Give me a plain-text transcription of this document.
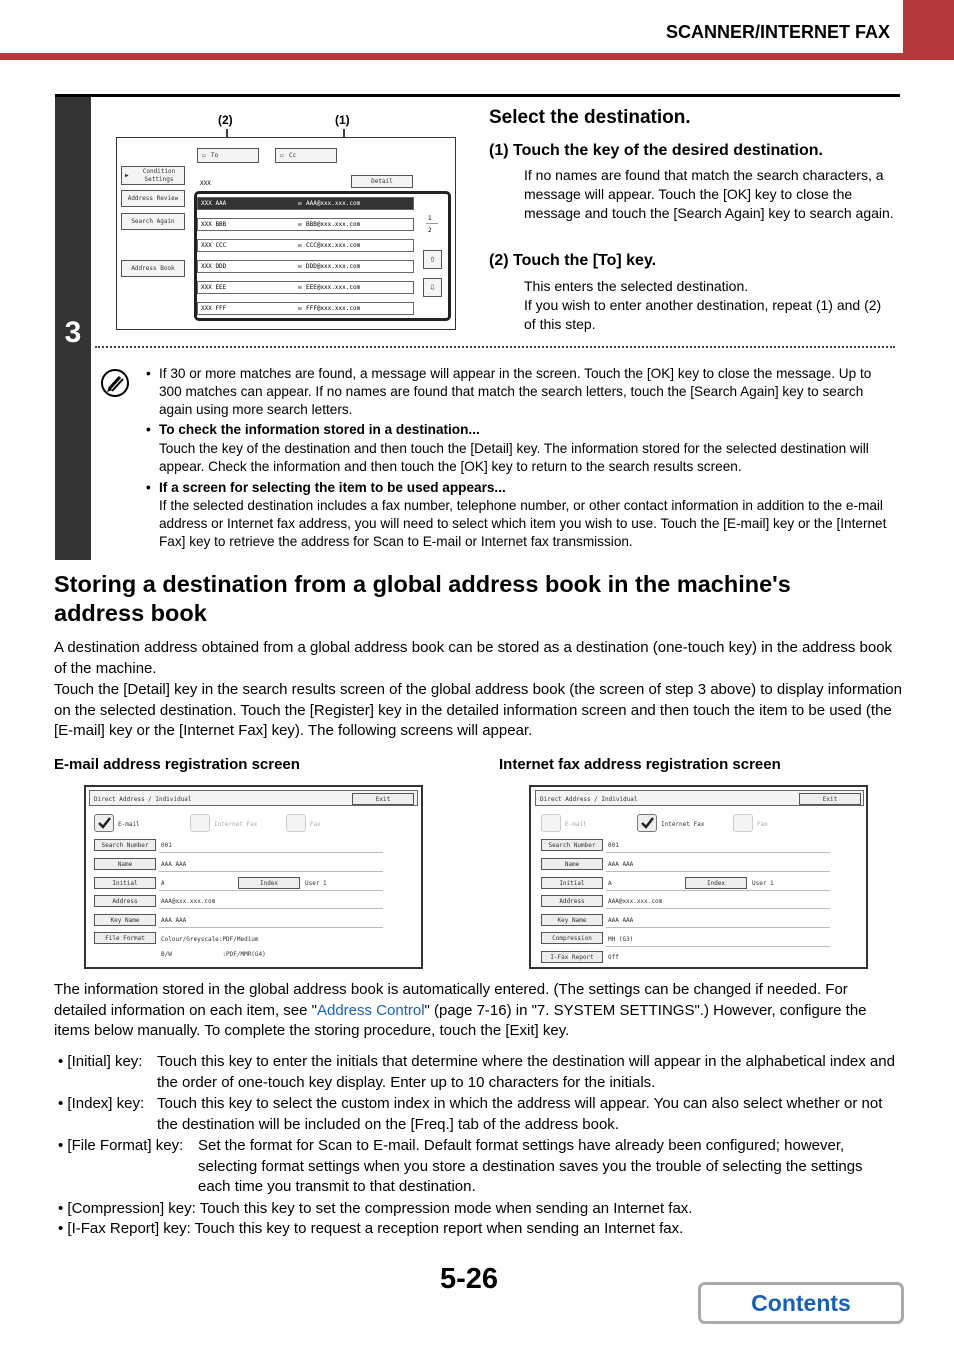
SCANNER/INTERNET FAX
3
(2)	(1)
▭ To	▭ Cc
▶
Condition Settings
Address Review
Search Again
Address Book
XXX	Detail
XXX AAA	✉ AAA@xxx.xxx.com
XXX BBB	✉ BBB@xxx.xxx.com
XXX CCC	✉ CCC@xxx.xxx.com
XXX DDD	✉ DDD@xxx.xxx.com
XXX EEE	✉ EEE@xxx.xxx.com
XXX FFF	✉ FFF@xxx.xxx.com
1
2
⇧
⇩
Select the destination.
(1) Touch the key of the desired destination.
If no names are found that match the search characters, a message will appear. Touch the [OK] key to close the message and touch the [Search Again] key to search again.
(2) Touch the [To] key.
This enters the selected destination.
If you wish to enter another destination, repeat (1) and (2) of this step.
• If 30 or more matches are found, a message will appear in the screen. Touch the [OK] key to close the message. Up to 300 matches can appear. If no names are found that match the search letters, touch the [Search Again] key to search again using more search letters.
• To check the information stored in a destination...
Touch the key of the destination and then touch the [Detail] key. The information stored for the selected destination will appear. Check the information and then touch the [OK] key to return to the search results screen.
• If a screen for selecting the item to be used appears...
If the selected destination includes a fax number, telephone number, or other contact information in addition to the e-mail address or Internet fax address, you will need to select which item you wish to use. Touch the [E-mail] key or the [Internet Fax] key to retrieve the address for Scan to E-mail or Internet fax transmission.
Storing a destination from a global address book in the machine's
address book
A destination address obtained from a global address book can be stored as a destination (one-touch key) in the address book of the machine.
Touch the [Detail] key in the search results screen of the global address book (the screen of step 3 above) to display information on the selected destination. Touch the [Register] key in the detailed information screen and then touch the item to be used (the [E-mail] key or the [Internet Fax] key). The following screens will appear.
E-mail address registration screen	Internet fax address registration screen
Direct Address / Individual	Exit
E-mail	Internet Fax	Fax
Search Number	001
Name	AAA AAA
Initial	A	Index	User 1
Address	AAA@xxx.xxx.com
Key Name	AAA AAA
File Format	Colour/Greyscale:PDF/Medium
B/W              :PDF/MMR(G4)
Direct Address / Individual	Exit
E-mail	Internet Fax	Fax
Search Number	001
Name	AAA AAA
Initial	A	Index	User 1
Address	AAA@xxx.xxx.com
Key Name	AAA AAA
Compression	MH (G3)
I-Fax Report	Off
The information stored in the global address book is automatically entered. (The settings can be changed if needed. For detailed information on each item, see "Address Control" (page 7-16) in "7. SYSTEM SETTINGS".) However, configure the items below manually. To complete the storing procedure, touch the [Exit] key.
• [Initial] key: Touch this key to enter the initials that determine where the destination will appear in the alphabetical index and the order of one-touch key display. Enter up to 10 characters for the initials.
• [Index] key: Touch this key to select the custom index in which the address will appear. You can also select whether or not the destination will be included on the [Freq.] tab of the address book.
• [File Format] key: Set the format for Scan to E-mail. Default format settings have already been configured; however, selecting format settings when you store a destination saves you the trouble of selecting the settings each time you transmit to that destination.
• [Compression] key: Touch this key to set the compression mode when sending an Internet fax.
• [I-Fax Report] key: Touch this key to request a reception report when sending an Internet fax.
5-26
Contents
